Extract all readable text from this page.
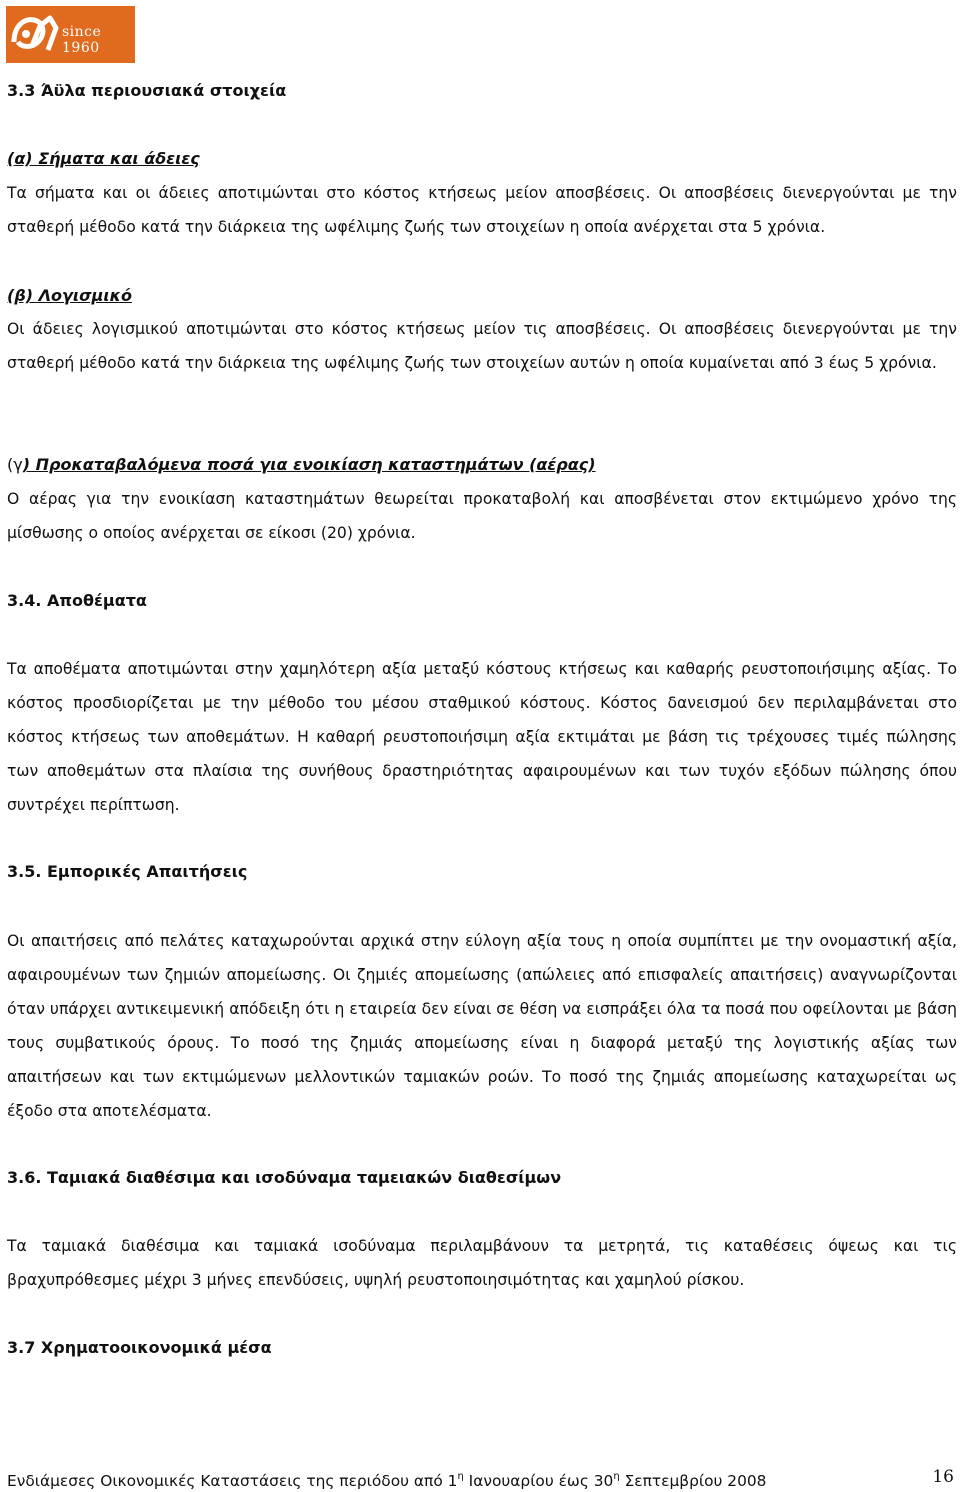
since 1960
3.3 Άϋλα περιουσιακά στοιχεία
(α) Σήματα και άδειες

Τα σήματα και οι άδειες αποτιμώνται στο κόστος κτήσεως μείον αποσβέσεις. Οι αποσβέσεις διενεργούνται με την σταθερή μέθοδο κατά την διάρκεια της ωφέλιμης ζωής των στοιχείων η οποία ανέρχεται στα 5 χρόνια.

(β) Λογισμικό

Οι άδειες λογισμικού αποτιμώνται στο κόστος κτήσεως μείον τις αποσβέσεις. Οι αποσβέσεις διενεργούνται με την σταθερή μέθοδο κατά την διάρκεια της ωφέλιμης ζωής των στοιχείων αυτών η οποία κυμαίνεται από 3 έως 5 χρόνια.

(γ) Προκαταβαλόμενα ποσά για ενοικίαση καταστημάτων (αέρας)

Ο αέρας για την ενοικίαση καταστημάτων θεωρείται προκαταβολή και αποσβένεται στον εκτιμώμενο χρόνο της μίσθωσης ο οποίος ανέρχεται σε είκοσι (20) χρόνια.

3.4. Αποθέματα

Τα αποθέματα αποτιμώνται στην χαμηλότερη αξία μεταξύ κόστους κτήσεως και καθαρής ρευστοποιήσιμης αξίας. Το κόστος προσδιορίζεται με την μέθοδο του μέσου σταθμικού κόστους. Κόστος δανεισμού δεν περιλαμβάνεται στο κόστος κτήσεως των αποθεμάτων. Η καθαρή ρευστοποιήσιμη αξία εκτιμάται με βάση τις τρέχουσες τιμές πώλησης των αποθεμάτων στα πλαίσια της συνήθους δραστηριότητας αφαιρουμένων και των τυχόν εξόδων πώλησης όπου συντρέχει περίπτωση.

3.5. Εμπορικές Απαιτήσεις

Οι απαιτήσεις από πελάτες καταχωρούνται αρχικά στην εύλογη αξία τους η οποία συμπίπτει με την ονομαστική αξία, αφαιρουμένων των ζημιών απομείωσης. Οι ζημιές απομείωσης (απώλειες από επισφαλείς απαιτήσεις) αναγνωρίζονται όταν υπάρχει αντικειμενική απόδειξη ότι η εταιρεία δεν είναι σε θέση να εισπράξει όλα τα ποσά που οφείλονται με βάση τους συμβατικούς όρους. Το ποσό της ζημιάς απομείωσης είναι η διαφορά μεταξύ της λογιστικής αξίας των απαιτήσεων και των εκτιμώμενων μελλοντικών ταμιακών ροών. Το ποσό της ζημιάς απομείωσης καταχωρείται ως έξοδο στα αποτελέσματα.

3.6. Ταμιακά διαθέσιμα και ισοδύναμα ταμειακών διαθεσίμων

Τα ταμιακά διαθέσιμα και ταμιακά ισοδύναμα περιλαμβάνουν τα μετρητά, τις καταθέσεις όψεως και τις βραχυπρόθεσμες μέχρι 3 μήνες επενδύσεις, υψηλή ρευστοποιησιμότητας και χαμηλού ρίσκου.

3.7 Χρηματοοικονομικά μέσα
Ενδιάμεσες Οικονομικές Καταστάσεις της περιόδου από $1^\eta$ Ιανουαρίου έως $30^\eta$ Σεπτεμβρίου 2008	16
